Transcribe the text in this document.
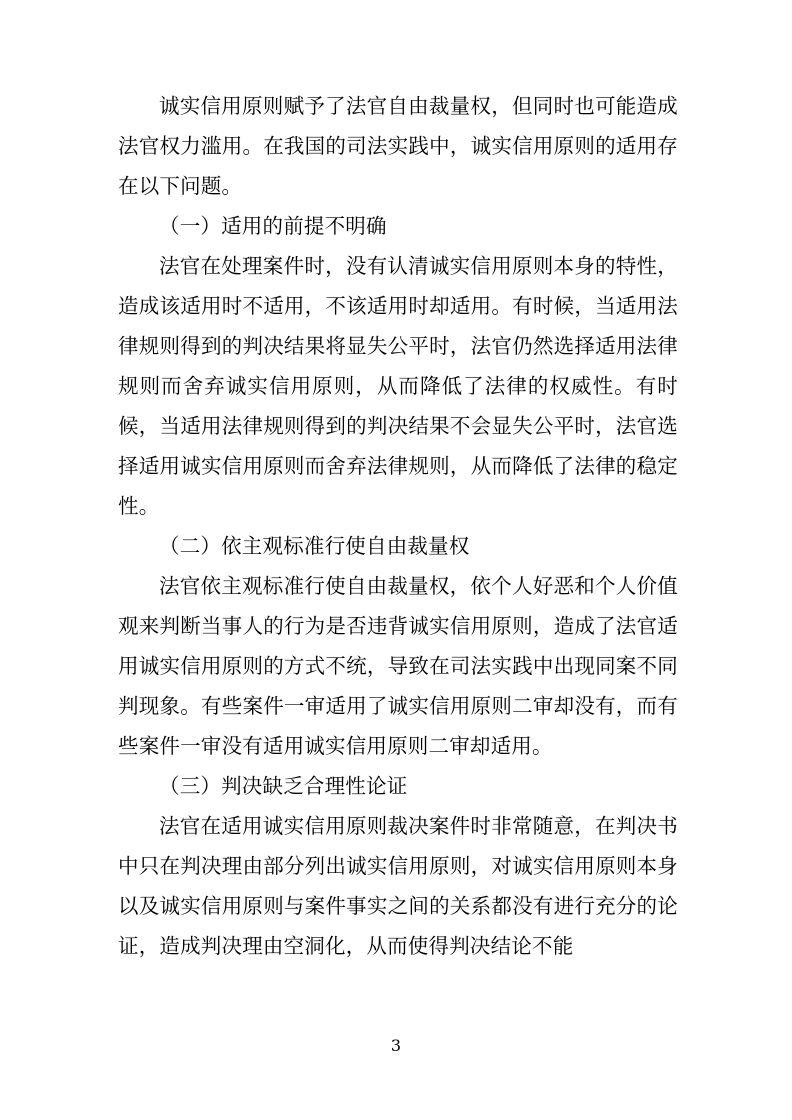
诚实信用原则赋予了法官自由裁量权，但同时也可能造成法官权力滥用。在我国的司法实践中，诚实信用原则的适用存在以下问题。

（一）适用的前提不明确

法官在处理案件时，没有认清诚实信用原则本身的特性，造成该适用时不适用，不该适用时却适用。有时候，当适用法律规则得到的判决结果将显失公平时，法官仍然选择适用法律规则而舍弃诚实信用原则，从而降低了法律的权威性。有时候，当适用法律规则得到的判决结果不会显失公平时，法官选择适用诚实信用原则而舍弃法律规则，从而降低了法律的稳定性。

（二）依主观标准行使自由裁量权

法官依主观标准行使自由裁量权，依个人好恶和个人价值观来判断当事人的行为是否违背诚实信用原则，造成了法官适用诚实信用原则的方式不统，导致在司法实践中出现同案不同判现象。有些案件一审适用了诚实信用原则二审却没有，而有些案件一审没有适用诚实信用原则二审却适用。

（三）判决缺乏合理性论证

法官在适用诚实信用原则裁决案件时非常随意，在判决书中只在判决理由部分列出诚实信用原则，对诚实信用原则本身以及诚实信用原则与案件事实之间的关系都没有进行充分的论证，造成判决理由空洞化，从而使得判决结论不能

3
